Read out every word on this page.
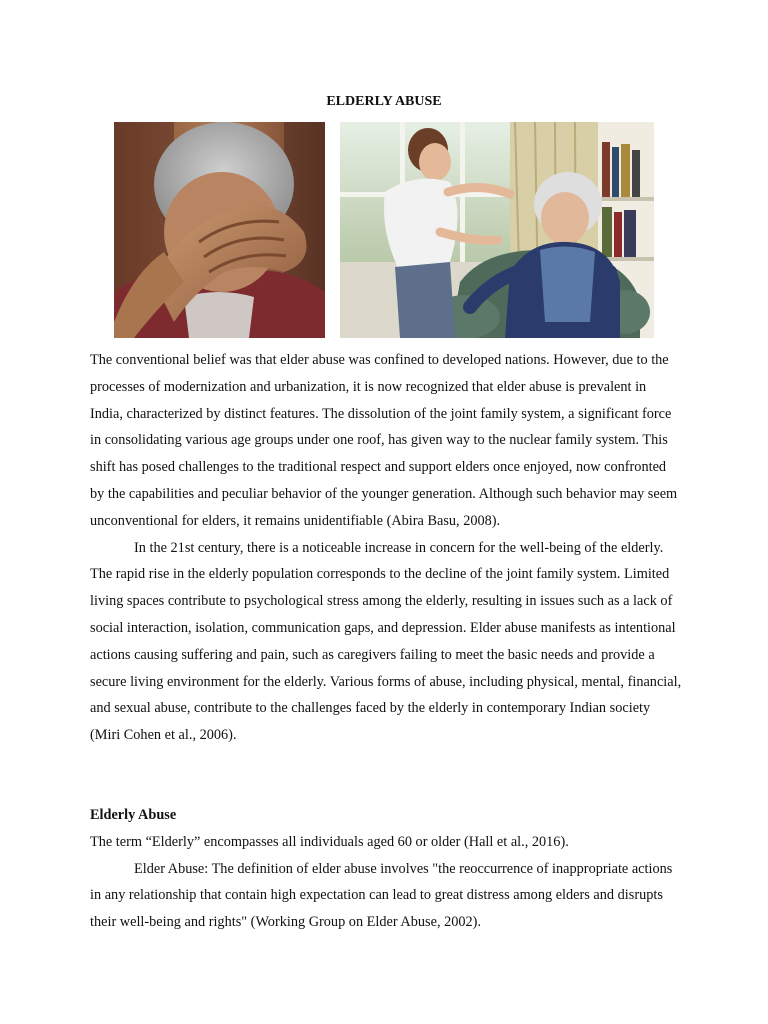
ELDERLY ABUSE

The conventional belief was that elder abuse was confined to developed nations. However, due to the processes of modernization and urbanization, it is now recognized that elder abuse is prevalent in India, characterized by distinct features. The dissolution of the joint family system, a significant force in consolidating various age groups under one roof, has given way to the nuclear family system. This shift has posed challenges to the traditional respect and support elders once enjoyed, now confronted by the capabilities and peculiar behavior of the younger generation. Although such behavior may seem unconventional for elders, it remains unidentifiable (Abira Basu, 2008).

In the 21st century, there is a noticeable increase in concern for the well-being of the elderly. The rapid rise in the elderly population corresponds to the decline of the joint family system. Limited living spaces contribute to psychological stress among the elderly, resulting in issues such as a lack of social interaction, isolation, communication gaps, and depression. Elder abuse manifests as intentional actions causing suffering and pain, such as caregivers failing to meet the basic needs and provide a secure living environment for the elderly. Various forms of abuse, including physical, mental, financial, and sexual abuse, contribute to the challenges faced by the elderly in contemporary Indian society (Miri Cohen et al., 2006).

Elderly Abuse

The term “Elderly” encompasses all individuals aged 60 or older (Hall et al., 2016).

Elder Abuse: The definition of elder abuse involves "the reoccurrence of inappropriate actions in any relationship that contain high expectation can lead to great distress among elders and disrupts their well-being and rights" (Working Group on Elder Abuse, 2002).
